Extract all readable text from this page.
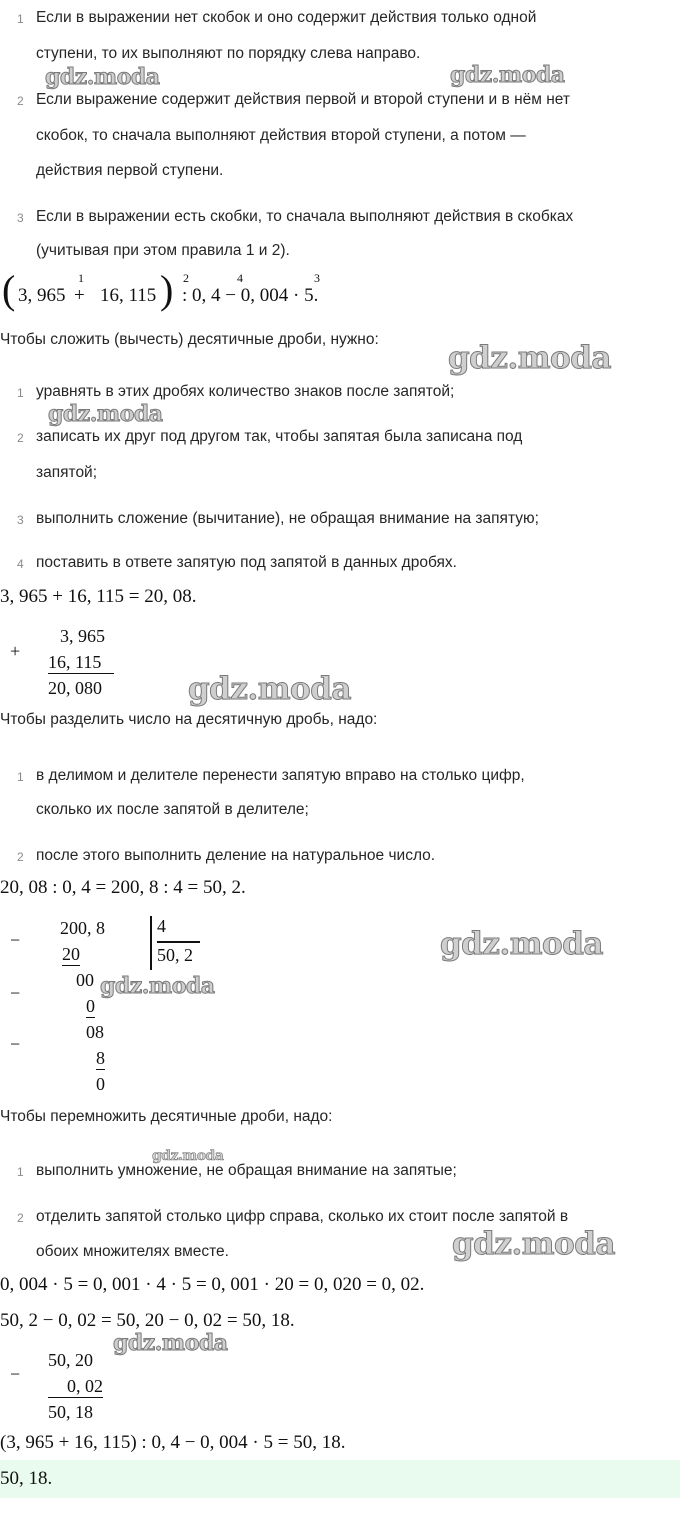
1 Если в выражении нет скобок и оно содержит действия только одной
ступени, то их выполняют по порядку слева направо.
gdz.moda	gdz.moda
2 Если выражение содержит действия первой и второй ступени и в нём нет
скобок, то сначала выполняют действия второй ступени, а потом —
действия первой ступени.
3 Если в выражении есть скобки, то сначала выполняют действия в скобках
(учитывая при этом правила 1 и 2).
( 3, 965
1
+ 16, 115 ) 2	4	3
: 0, 4 − 0, 004 · 5.
Чтобы сложить (вычесть) десятичные дроби, нужно:
gdz.moda
1 уравнять в этих дробях количество знаков после запятой;
gdz.moda
2 записать их друг под другом так, чтобы запятая была записана под
запятой;
3 выполнить сложение (вычитание), не обращая внимание на запятую;
4 поставить в ответе запятую под запятой в данных дробях.
3, 965 + 16, 115 = 20, 08.
+
3, 965
16, 115
20, 080	gdz.moda
Чтобы разделить число на десятичную дробь, надо:
1 в делимом и делителе перенести запятую вправо на столько цифр,
сколько их после запятой в делителе;
2 после этого выполнить деление на натуральное число.
20, 08 : 0, 4 = 200, 8 : 4 = 50, 2.
−
200, 8	4
50, 2
20
−
00
0
gdz.moda
gdz.moda
−
08
8
0
Чтобы перемножить десятичные дроби, надо:
gdz.moda
1 выполнить умножение, не обращая внимание на запятые;
2 отделить запятой столько цифр справа, сколько их стоит после запятой в
обоих множителях вместе.	gdz.moda
0, 004 · 5 = 0, 001 · 4 · 5 = 0, 001 · 20 = 0, 020 = 0, 02.
50, 2 − 0, 02 = 50, 20 − 0, 02 = 50, 18.
gdz.moda
−
50, 20
0, 02
50, 18
(3, 965 + 16, 115) : 0, 4 − 0, 004 · 5 = 50, 18.
50, 18.
